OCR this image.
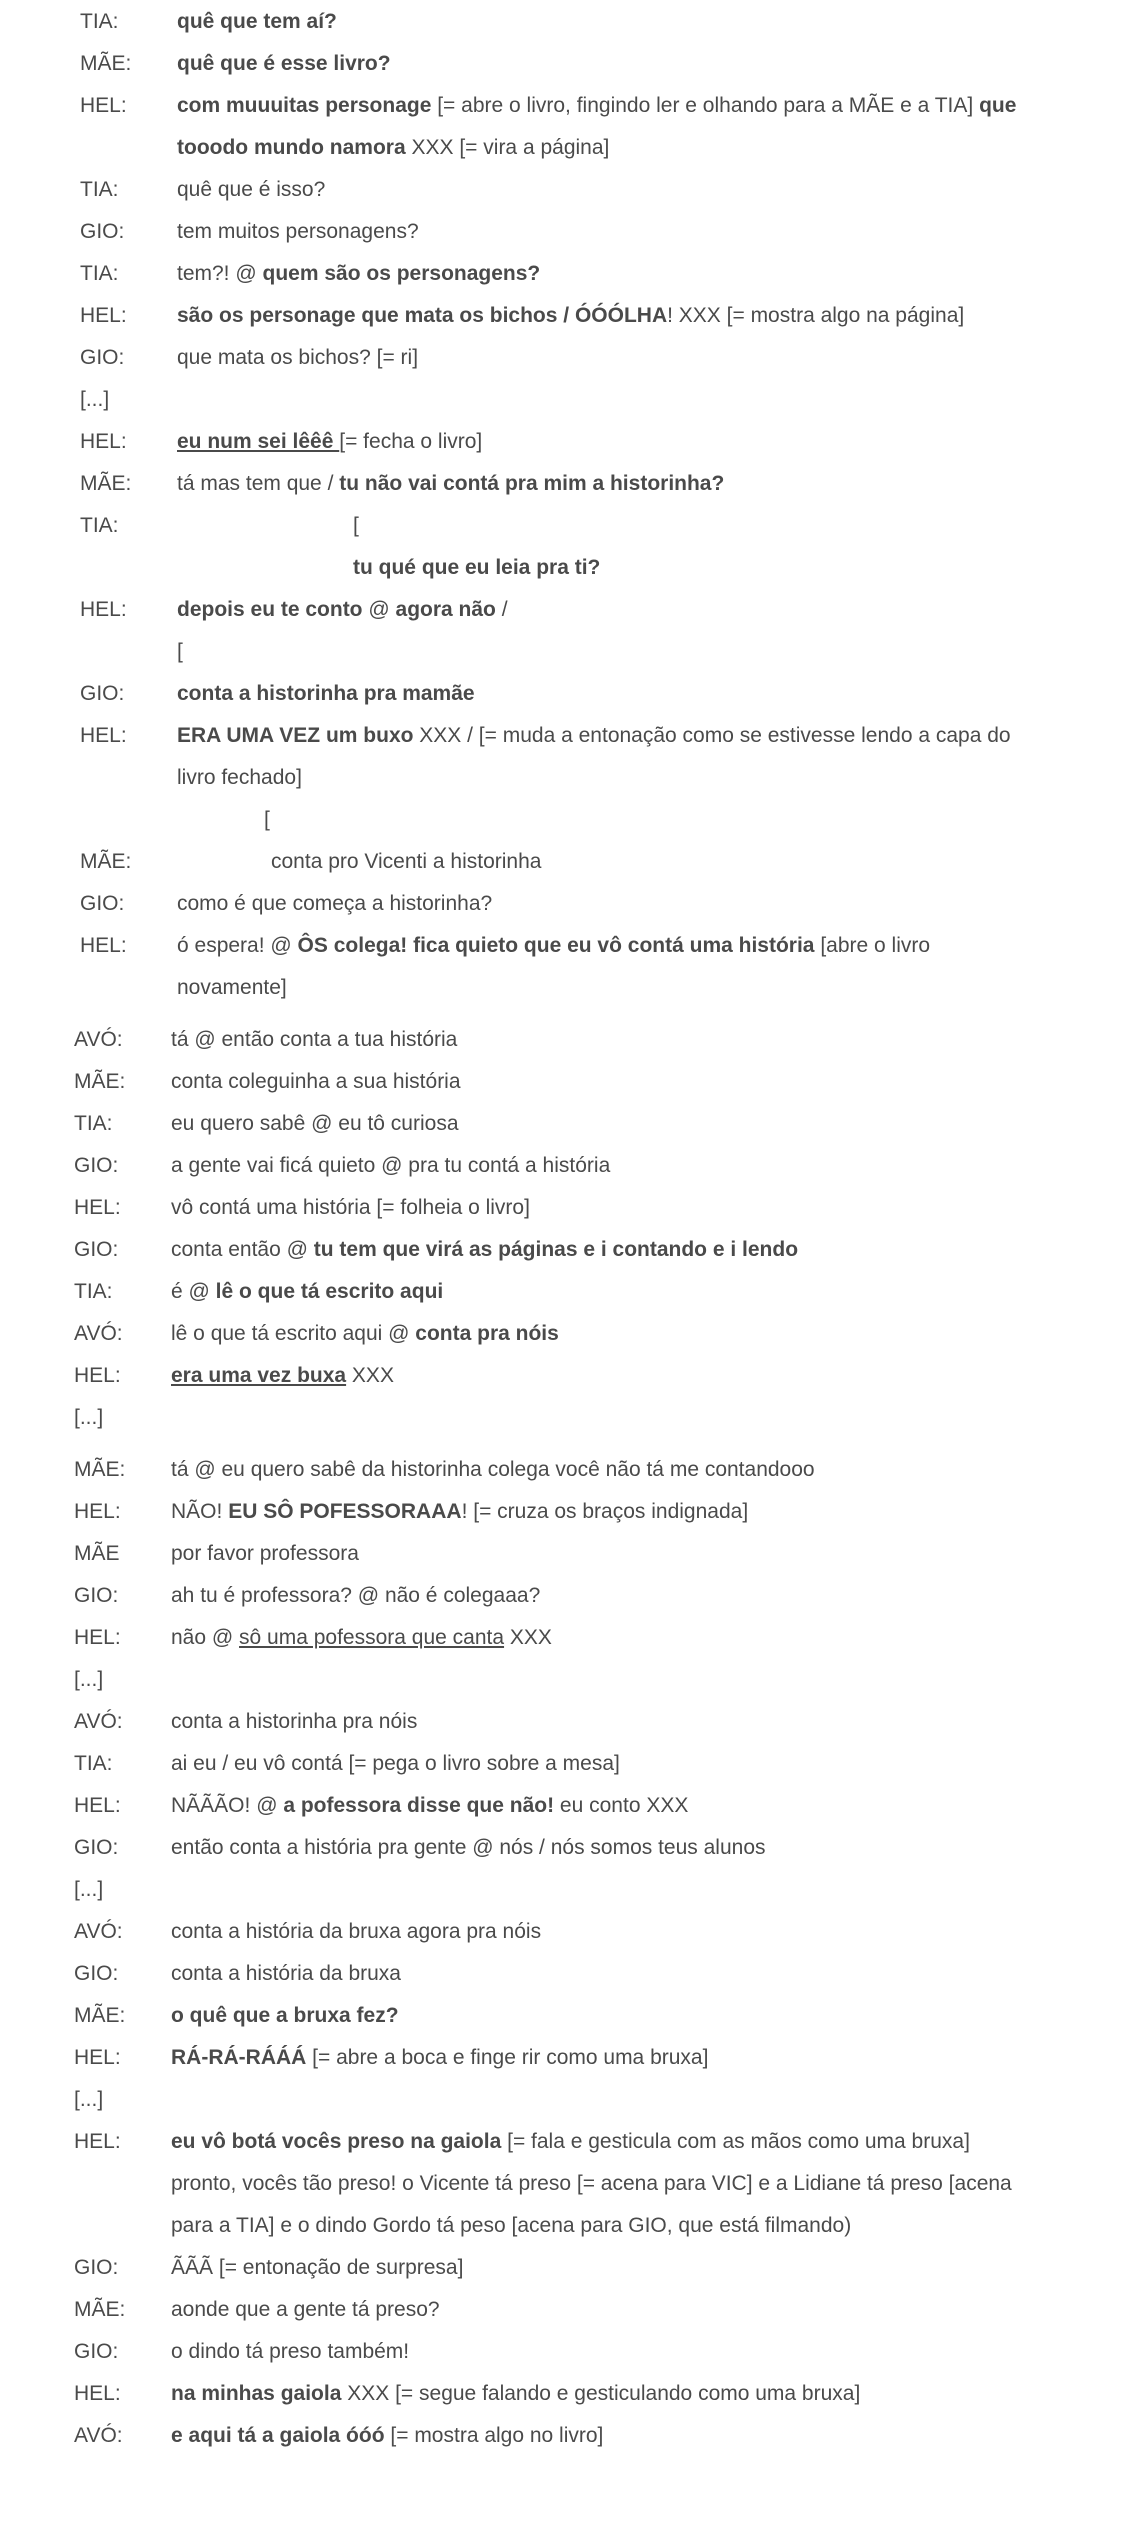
TIA:	quê que tem aí?
MÃE: quê que é esse livro?
HEL: com muuuitas personage [= abre o livro, fingindo ler e olhando para a MÃE e a TIA] que
tooodo mundo namora XXX [= vira a página]
TIA:	quê que é isso?
GIO:	tem muitos personagens?
TIA:	tem?! @ quem são os personagens?
HEL: são os personage que mata os bichos / ÓÓÓLHA! XXX [= mostra algo na página]
GIO:	que mata os bichos? [= ri]
[...]
HEL: eu num sei lêêê [= fecha o livro]
MÃE: tá mas tem que / tu não vai contá pra mim a historinha?
TIA:	[
tu qué que eu leia pra ti?
HEL: depois eu te conto @ agora não /
[
GIO:	conta a historinha pra mamãe
HEL: ERA UMA VEZ um buxo XXX / [= muda a entonação como se estivesse lendo a capa do
livro fechado]
[
MÃE:	conta pro Vicenti a historinha
GIO:	como é que começa a historinha?
HEL: ó espera! @ ÔS colega! fica quieto que eu vô contá uma história [abre o livro
novamente]
AVÓ: tá @ então conta a tua história
MÃE: conta coleguinha a sua história
TIA:	eu quero sabê @ eu tô curiosa
GIO:	a gente vai ficá quieto @ pra tu contá a história
HEL: vô contá uma história [= folheia o livro]
GIO:	conta então @ tu tem que virá as páginas e i contando e i lendo
TIA:	é @ lê o que tá escrito aqui
AVÓ: lê o que tá escrito aqui @ conta pra nóis
HEL: era uma vez buxa XXX
[...]
MÃE: tá @ eu quero sabê da historinha colega você não tá me contandooo
HEL: NÃO! EU SÔ POFESSORAAA! [= cruza os braços indignada]
MÃE por favor professora
GIO:	ah tu é professora? @ não é colegaaa?
HEL: não @ sô uma pofessora que canta XXX
[...]
AVÓ: conta a historinha pra nóis
TIA:	ai eu / eu vô contá [= pega o livro sobre a mesa]
HEL: NÃÃÃO! @ a pofessora disse que não! eu conto XXX
GIO:	então conta a história pra gente @ nós / nós somos teus alunos
[...]
AVÓ: conta a história da bruxa agora pra nóis
GIO:	conta a história da bruxa
MÃE: o quê que a bruxa fez?
HEL: RÁ-RÁ-RÁÁÁ [= abre a boca e finge rir como uma bruxa]
[...]
HEL: eu vô botá vocês preso na gaiola [= fala e gesticula com as mãos como uma bruxa]
pronto, vocês tão preso! o Vicente tá preso [= acena para VIC] e a Lidiane tá preso [acena
para a TIA] e o dindo Gordo tá peso [acena para GIO, que está filmando)
GIO:	ÃÃÃ [= entonação de surpresa]
MÃE: aonde que a gente tá preso?
GIO:	o dindo tá preso também!
HEL: na minhas gaiola XXX [= segue falando e gesticulando como uma bruxa]
AVÓ: e aqui tá a gaiola óóó [= mostra algo no livro]
